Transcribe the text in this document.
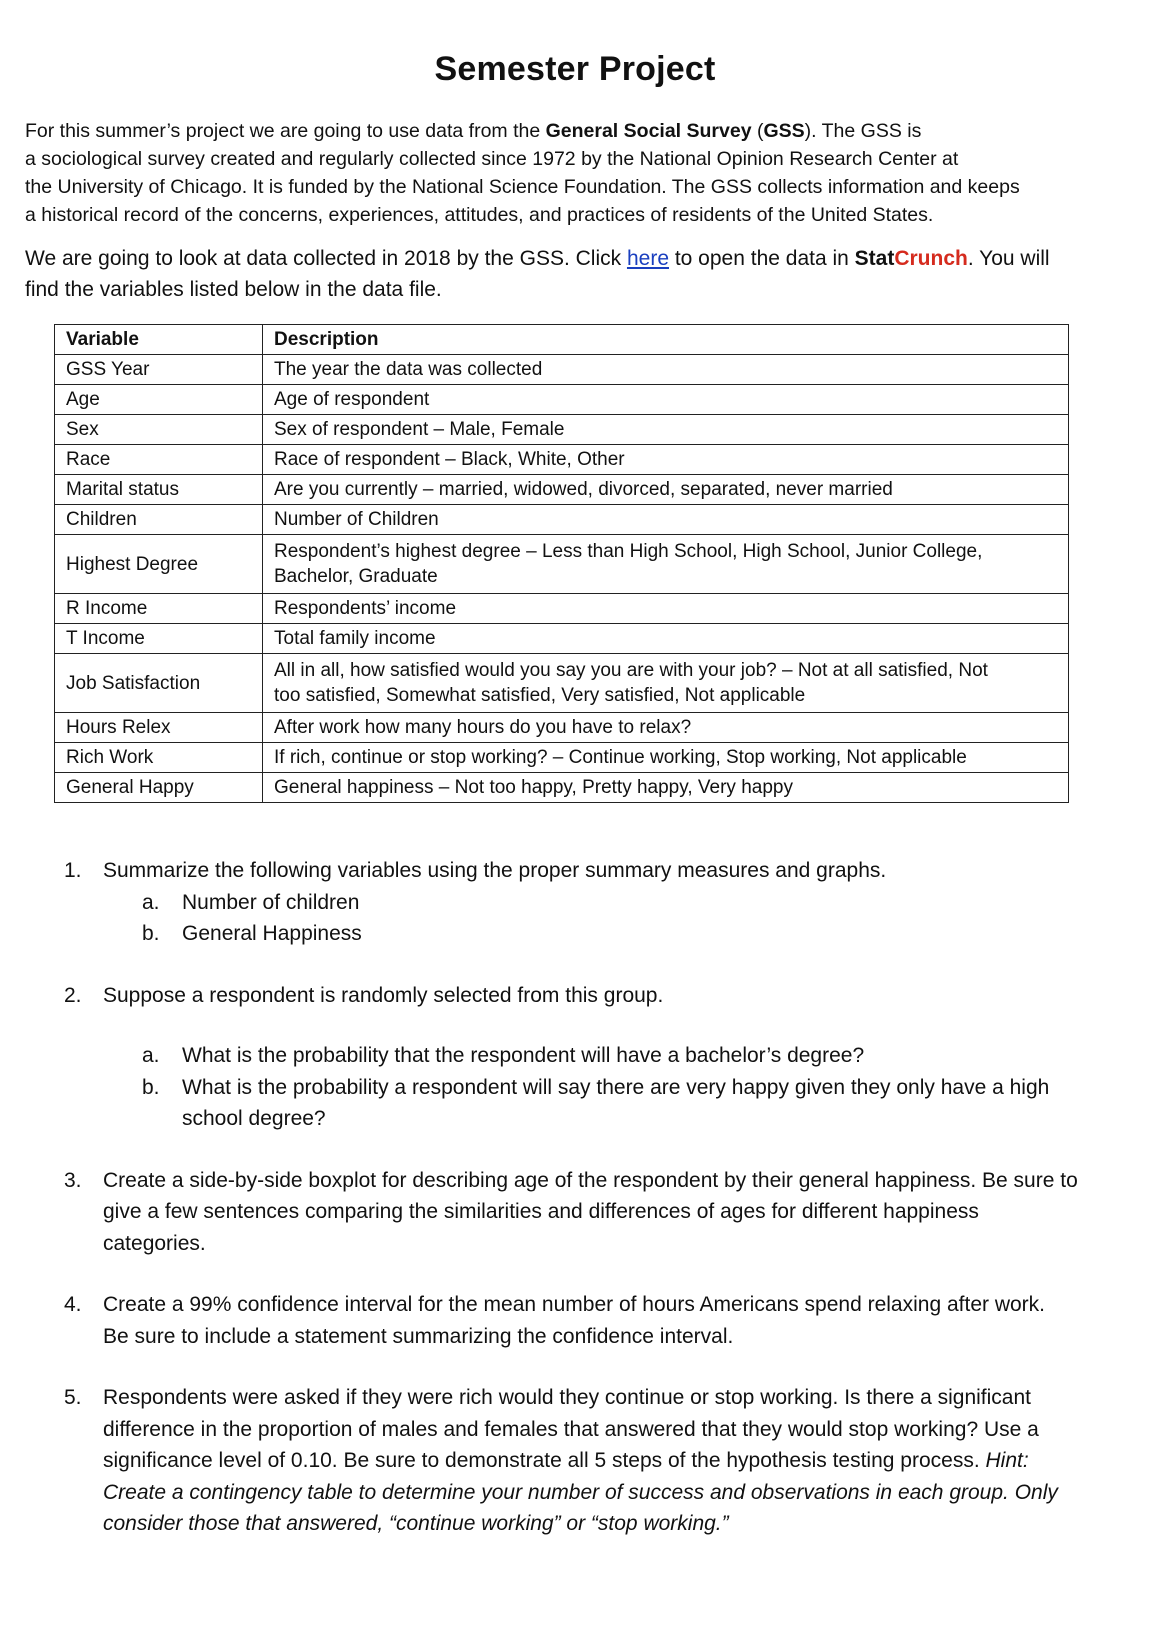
Semester Project
For this summer’s project we are going to use data from the General Social Survey (GSS). The GSS is
a sociological survey created and regularly collected since 1972 by the National Opinion Research Center at
the University of Chicago. It is funded by the National Science Foundation. The GSS collects information and keeps
a historical record of the concerns, experiences, attitudes, and practices of residents of the United States.
We are going to look at data collected in 2018 by the GSS. Click here to open the data in StatCrunch. You will
find the variables listed below in the data file.
Variable	Description
GSS Year	The year the data was collected
Age	Age of respondent
Sex	Sex of respondent – Male, Female
Race	Race of respondent – Black, White, Other
Marital status	Are you currently – married, widowed, divorced, separated, never married
Children	Number of Children
Highest Degree	Respondent’s highest degree – Less than High School, High School, Junior College,
Bachelor, Graduate
R Income	Respondents’ income
T Income	Total family income
Job Satisfaction	All in all, how satisfied would you say you are with your job? – Not at all satisfied, Not
too satisfied, Somewhat satisfied, Very satisfied, Not applicable
Hours Relex	After work how many hours do you have to relax?
Rich Work	If rich, continue or stop working? – Continue working, Stop working, Not applicable
General Happy	General happiness – Not too happy, Pretty happy, Very happy
1. Summarize the following variables using the proper summary measures and graphs.
a. Number of children
b. General Happiness
2. Suppose a respondent is randomly selected from this group.
a. What is the probability that the respondent will have a bachelor’s degree?
b. What is the probability a respondent will say there are very happy given they only have a high
school degree?
3. Create a side-by-side boxplot for describing age of the respondent by their general happiness. Be sure to
give a few sentences comparing the similarities and differences of ages for different happiness
categories.
4. Create a 99% confidence interval for the mean number of hours Americans spend relaxing after work.
Be sure to include a statement summarizing the confidence interval.
5. Respondents were asked if they were rich would they continue or stop working. Is there a significant
difference in the proportion of males and females that answered that they would stop working? Use a
significance level of 0.10. Be sure to demonstrate all 5 steps of the hypothesis testing process. Hint:
Create a contingency table to determine your number of success and observations in each group. Only
consider those that answered, “continue working” or “stop working.”
